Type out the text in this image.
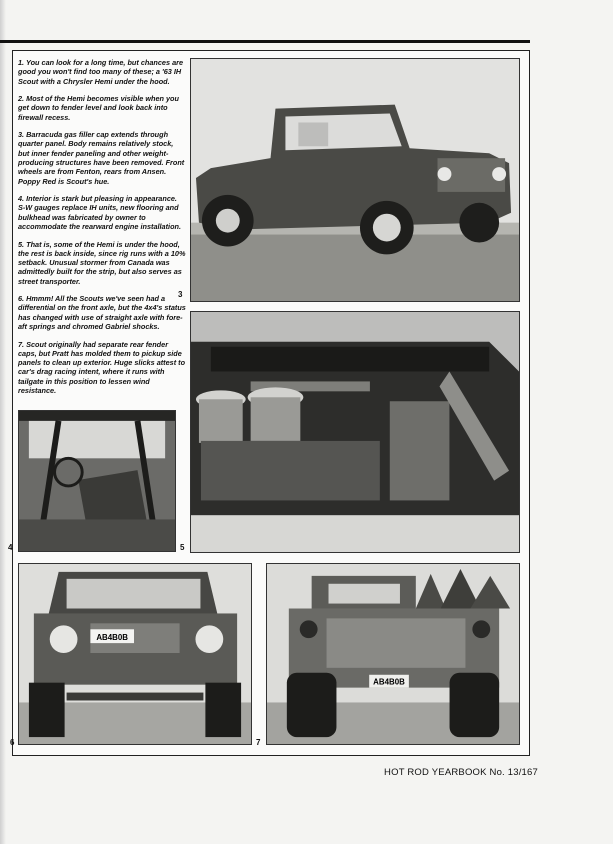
1. You can look for a long time, but chances are good you won't find too many of these; a '63 IH Scout with a Chrysler Hemi under the hood.

2. Most of the Hemi becomes visible when you get down to fender level and look back into firewall recess.

3. Barracuda gas filler cap extends through quarter panel. Body remains relatively stock, but inner fender paneling and other weight-producing structures have been removed. Front wheels are from Fenton, rears from Ansen. Poppy Red is Scout's hue.

4. Interior is stark but pleasing in appearance. S-W gauges replace IH units, new flooring and bulkhead was fabricated by owner to accommodate the rearward engine installation.

5. That is, some of the Hemi is under the hood, the rest is back inside, since rig runs with a 10% setback. Unusual stormer from Canada was admittedly built for the strip, but also serves as street transporter.

6. Hmmm! All the Scouts we've seen had a differential on the front axle, but the 4x4's status has changed with use of straight axle with fore-aft springs and chromed Gabriel shocks.

7. Scout originally had separate rear fender caps, but Pratt has molded them to pickup side panels to clean up exterior. Huge slicks attest to car's drag racing intent, where it runs with tailgate in this position to lessen wind resistance.

3
4	5
AB4B0B
6
AB4B0B
7
HOT ROD YEARBOOK No. 13/167
